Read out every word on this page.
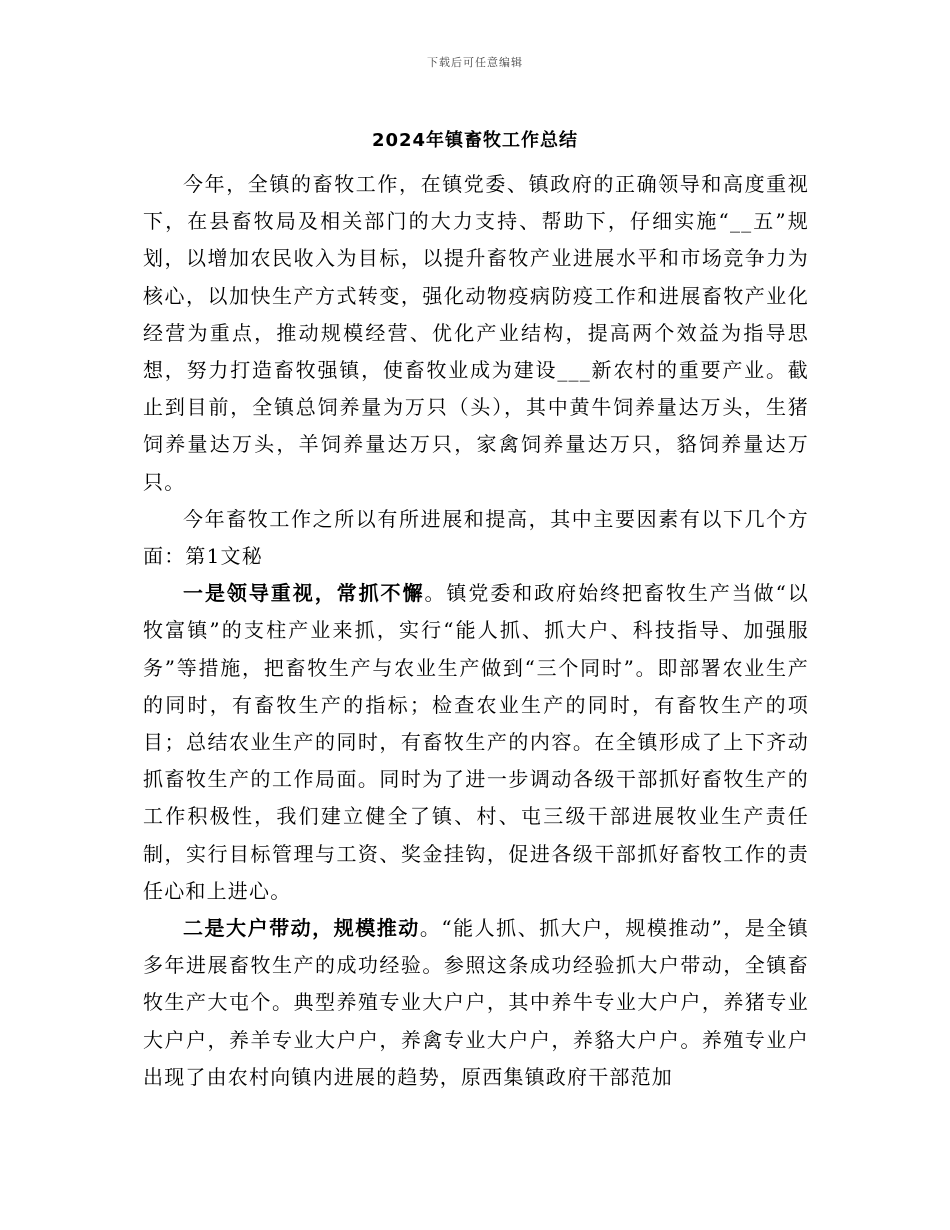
下载后可任意编辑
2024年镇畜牧工作总结

今年，全镇的畜牧工作，在镇党委、镇政府的正确领导和高度重视下，在县畜牧局及相关部门的大力支持、帮助下，仔细实施“__五”规划，以增加农民收入为目标，以提升畜牧产业进展水平和市场竞争力为核心，以加快生产方式转变，强化动物疫病防疫工作和进展畜牧产业化经营为重点，推动规模经营、优化产业结构，提高两个效益为指导思想，努力打造畜牧强镇，使畜牧业成为建设___新农村的重要产业。截止到目前，全镇总饲养量为万只（头），其中黄牛饲养量达万头，生猪饲养量达万头，羊饲养量达万只，家禽饲养量达万只，貉饲养量达万只。

今年畜牧工作之所以有所进展和提高，其中主要因素有以下几个方面：第1文秘

一是领导重视，常抓不懈。镇党委和政府始终把畜牧生产当做“以牧富镇”的支柱产业来抓，实行“能人抓、抓大户、科技指导、加强服务”等措施，把畜牧生产与农业生产做到“三个同时”。即部署农业生产的同时，有畜牧生产的指标；检查农业生产的同时，有畜牧生产的项目；总结农业生产的同时，有畜牧生产的内容。在全镇形成了上下齐动抓畜牧生产的工作局面。同时为了进一步调动各级干部抓好畜牧生产的工作积极性，我们建立健全了镇、村、屯三级干部进展牧业生产责任制，实行目标管理与工资、奖金挂钩，促进各级干部抓好畜牧工作的责任心和上进心。

二是大户带动，规模推动。“能人抓、抓大户，规模推动”，是全镇多年进展畜牧生产的成功经验。参照这条成功经验抓大户带动，全镇畜牧生产大屯个。典型养殖专业大户户，其中养牛专业大户户，养猪专业大户户，养羊专业大户户，养禽专业大户户，养貉大户户。养殖专业户出现了由农村向镇内进展的趋势，原西集镇政府干部范加
